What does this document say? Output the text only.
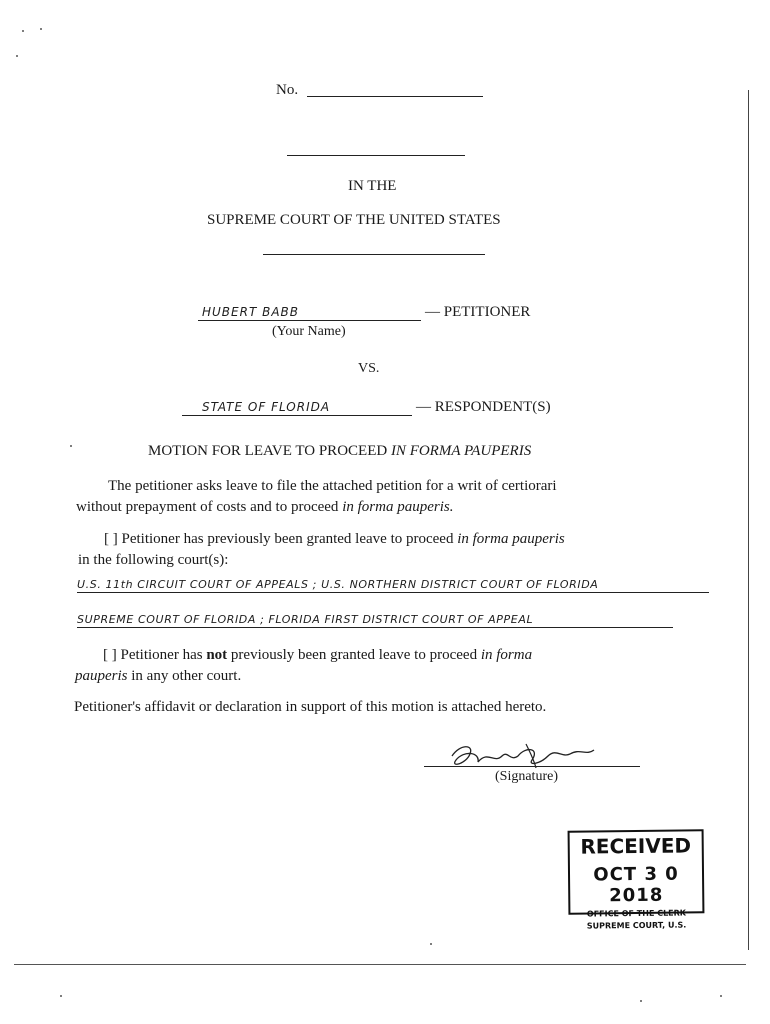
No.
IN THE
SUPREME COURT OF THE UNITED STATES
HUBERT BABB	— PETITIONER
(Your Name)
VS.
STATE OF FLORIDA	— RESPONDENT(S)
MOTION FOR LEAVE TO PROCEED IN FORMA PAUPERIS
The petitioner asks leave to file the attached petition for a writ of certiorari
without prepayment of costs and to proceed in forma pauperis.
[ ] Petitioner has previously been granted leave to proceed in forma pauperis
in the following court(s):
U.S. 11th CIRCUIT COURT OF APPEALS ; U.S. NORTHERN DISTRICT COURT OF FLORIDA
SUPREME COURT OF FLORIDA ; FLORIDA FIRST DISTRICT COURT OF APPEAL
[ ] Petitioner has not previously been granted leave to proceed in forma
pauperis in any other court.
Petitioner's affidavit or declaration in support of this motion is attached hereto.
(Signature)
RECEIVED
OCT 3 0 2018
OFFICE OF THE CLERK
SUPREME COURT, U.S.
